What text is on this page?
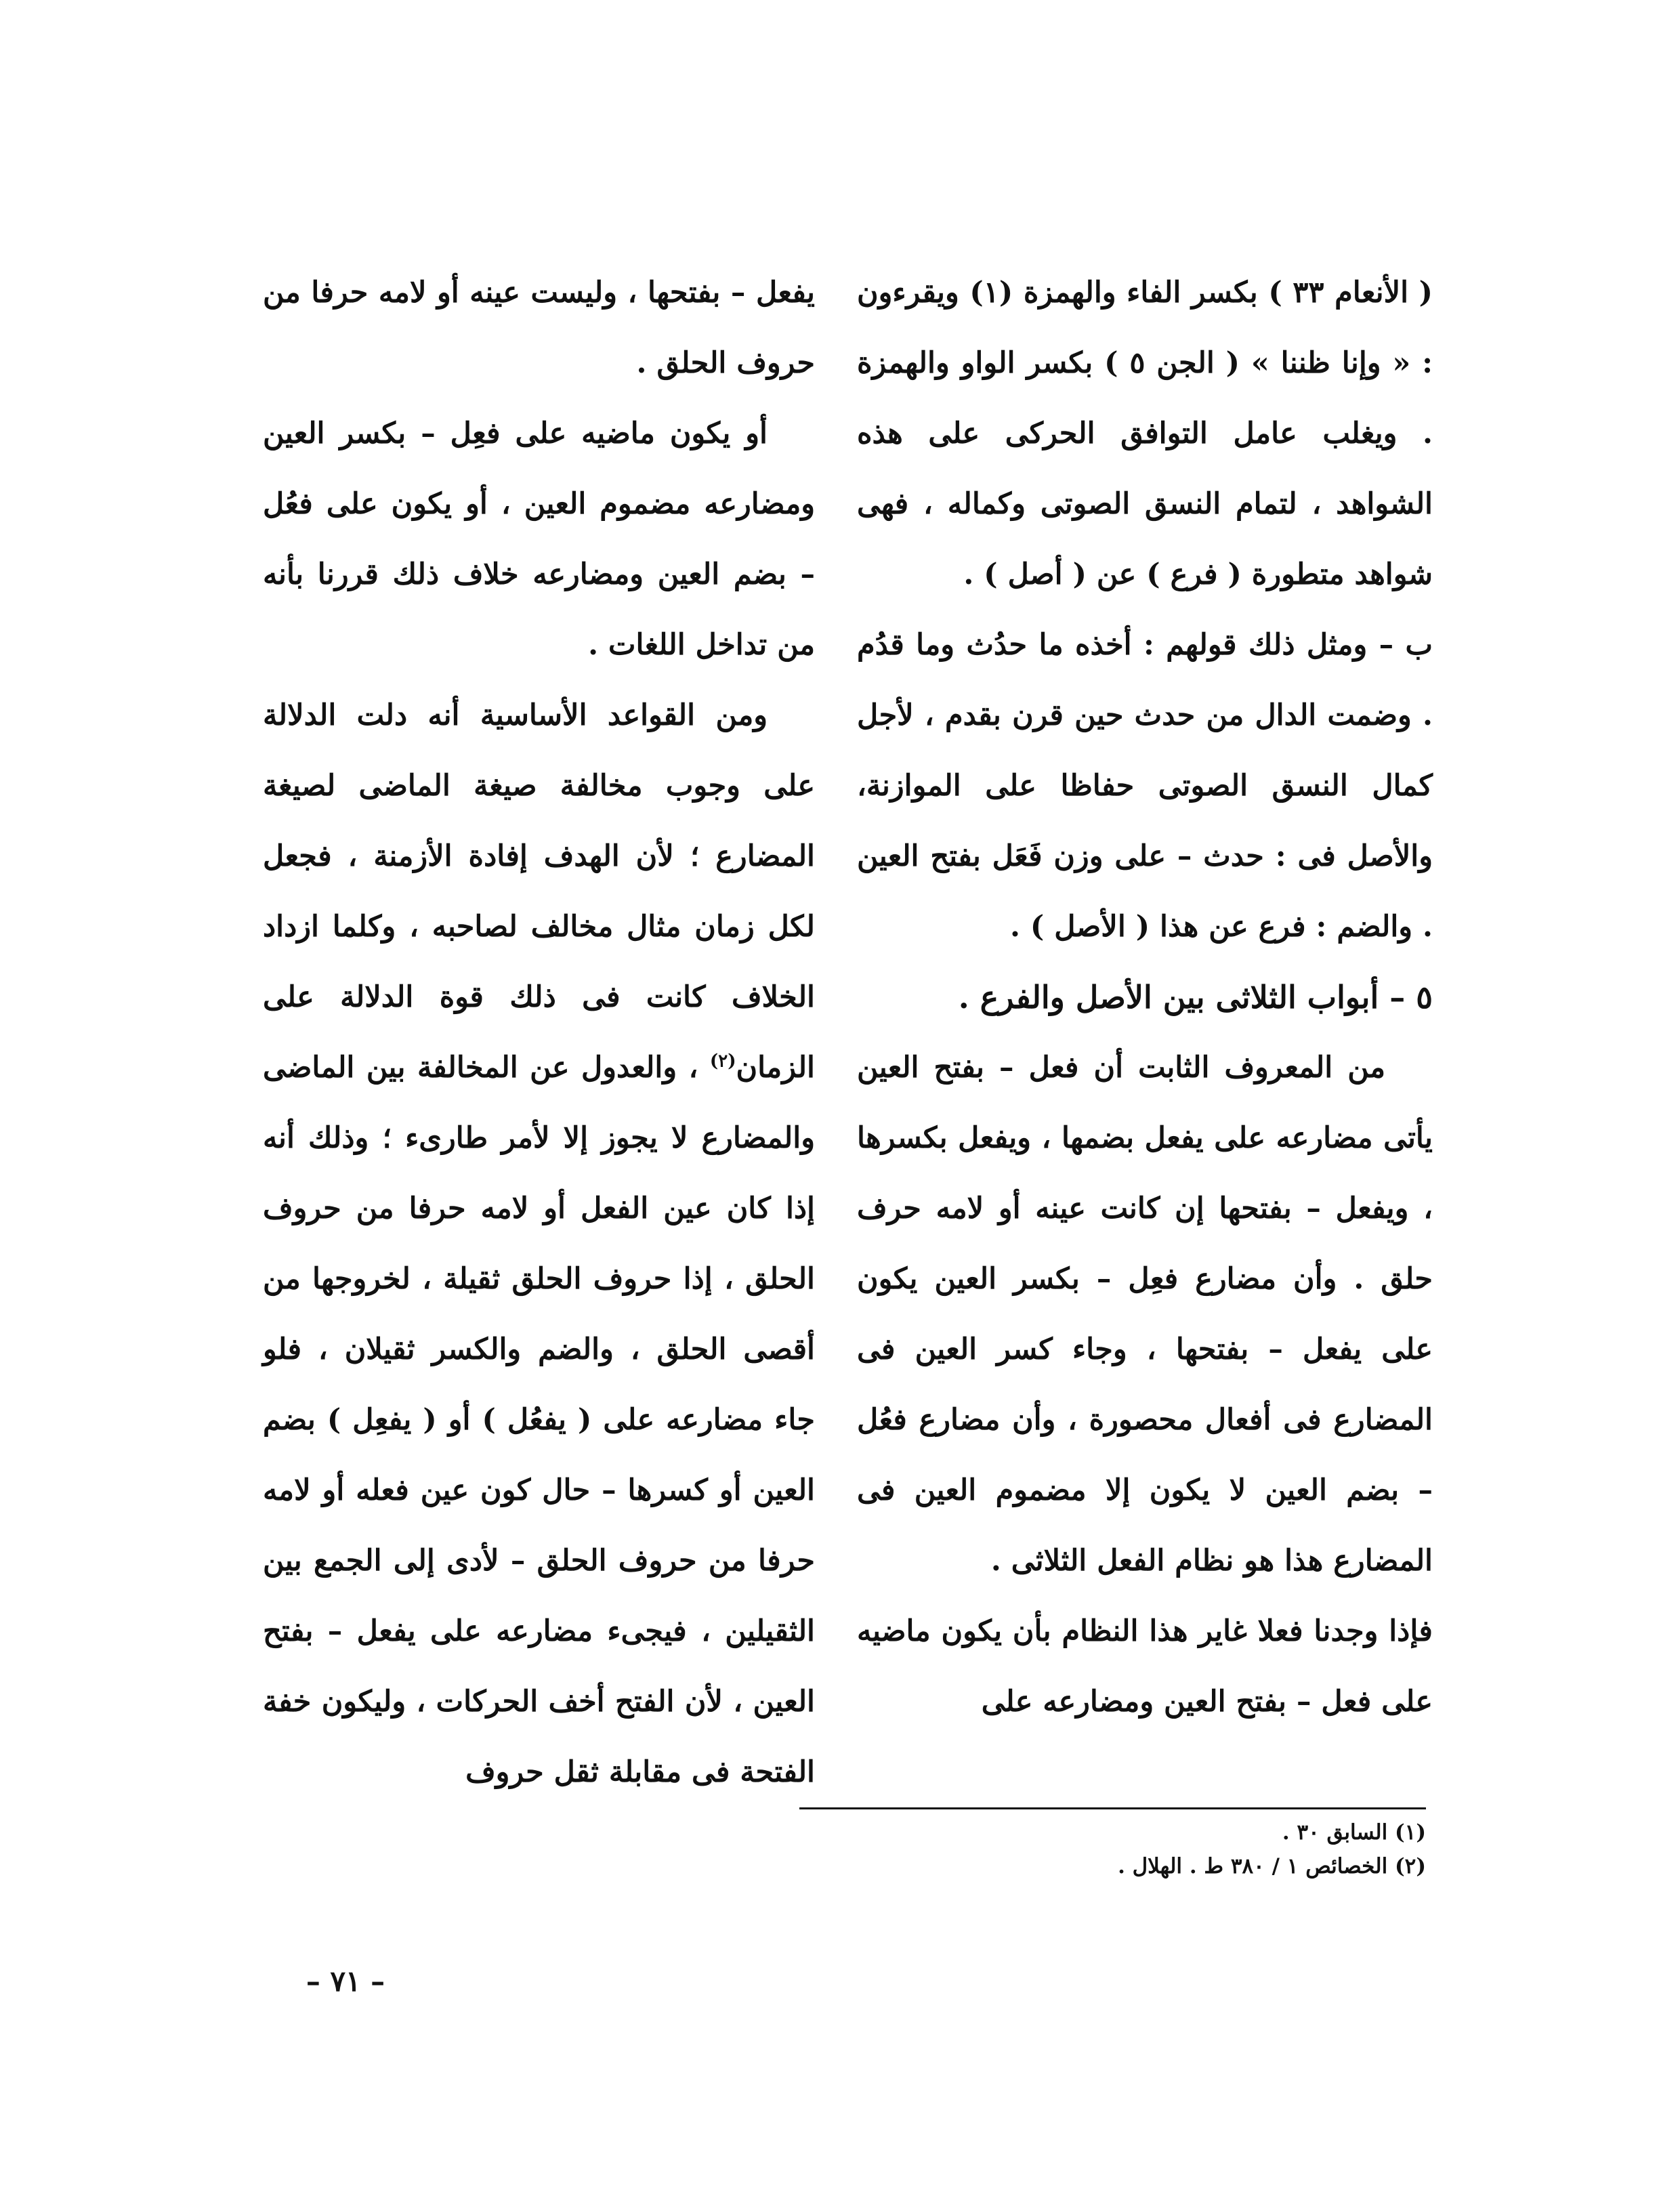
( الأنعام ٣٣ ) بكسر الفاء والهمزة (١) ويقرءون : « وإنا ظننا » ( الجن ٥ ) بكسر الواو والهمزة . ويغلب عامل التوافق الحركى على هذه الشواهد ، لتمام النسق الصوتى وكماله ، فهى شواهد متطورة ( فرع ) عن ( أصل ) .
ب – ومثل ذلك قولهم : أخذه ما حدُث وما قدُم . وضمت الدال من حدث حين قرن بقدم ، لأجل كمال النسق الصوتى حفاظا على الموازنة، والأصل فى : حدث – على وزن فَعَل بفتح العين . والضم : فرع عن هذا ( الأصل ) .
٥ – أبواب الثلاثى بين الأصل والفرع .
من المعروف الثابت أن فعل – بفتح العين يأتى مضارعه على يفعل بضمها ، ويفعل بكسرها ، ويفعل – بفتحها إن كانت عينه أو لامه حرف حلق . وأن مضارع فعِل – بكسر العين يكون على يفعل – بفتحها ، وجاء كسر العين فى المضارع فى أفعال محصورة ، وأن مضارع فعُل – بضم العين لا يكون إلا مضموم العين فى المضارع هذا هو نظام الفعل الثلاثى .
فإذا وجدنا فعلا غاير هذا النظام بأن يكون ماضيه على فعل – بفتح العين ومضارعه على
يفعل – بفتحها ، وليست عينه أو لامه حرفا من حروف الحلق .
أو يكون ماضيه على فعِل – بكسر العين ومضارعه مضموم العين ، أو يكون على فعُل – بضم العين ومضارعه خلاف ذلك قررنا بأنه من تداخل اللغات .
ومن القواعد الأساسية أنه دلت الدلالة على وجوب مخالفة صيغة الماضى لصيغة المضارع ؛ لأن الهدف إفادة الأزمنة ، فجعل لكل زمان مثال مخالف لصاحبه ، وكلما ازداد الخلاف كانت فى ذلك قوة الدلالة على الزمان$^{(٢)}$ ، والعدول عن المخالفة بين الماضى والمضارع لا يجوز إلا لأمر طارىء ؛ وذلك أنه إذا كان عين الفعل أو لامه حرفا من حروف الحلق ، إذا حروف الحلق ثقيلة ، لخروجها من أقصى الحلق ، والضم والكسر ثقيلان ، فلو جاء مضارعه على ( يفعُل ) أو ( يفعِل ) بضم العين أو كسرها – حال كون عين فعله أو لامه حرفا من حروف الحلق – لأدى إلى الجمع بين الثقيلين ، فيجىء مضارعه على يفعل – بفتح العين ، لأن الفتح أخف الحركات ، وليكون خفة الفتحة فى مقابلة ثقل حروف
(١) السابق ٣٠ .
(٢) الخصائص ١ / ٣٨٠ ط . الهلال .
– ٧١ –
